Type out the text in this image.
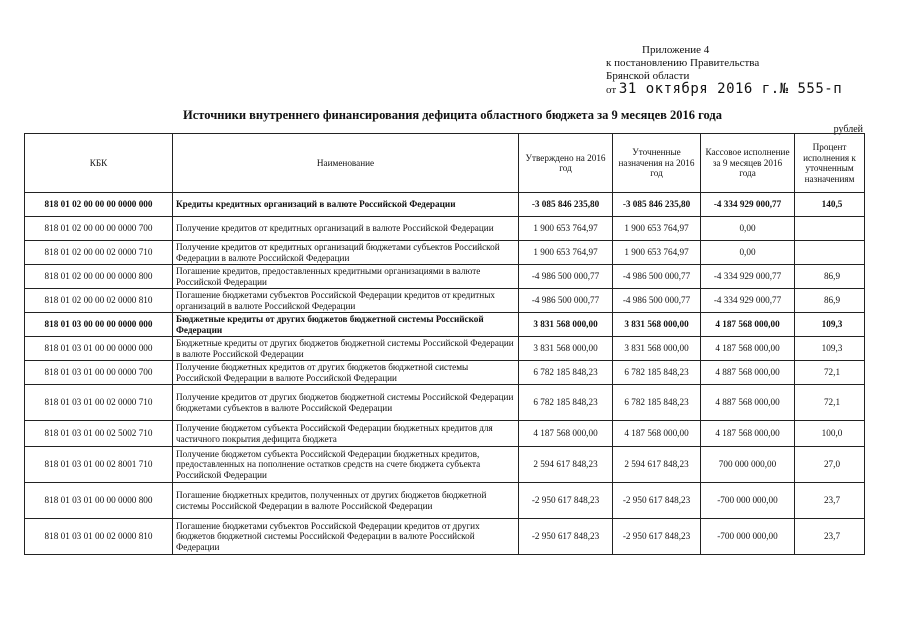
Приложение 4
к постановлению Правительства
Брянской области
от 31 октября 2016 г.№ 555-п
Источники внутреннего финансирования дефицита областного бюджета за 9 месяцев 2016 года
рублей
КБК	Наименование	Утверждено на 2016 год	Уточненные назначения на 2016 год	Кассовое исполнение за 9 месяцев 2016 года	Процент исполнения к уточненным назначениям
818 01 02 00 00 00 0000 000	Кредиты кредитных организаций в валюте Российской Федерации	-3 085 846 235,80	-3 085 846 235,80	-4 334 929 000,77	140,5
818 01 02 00 00 00 0000 700	Получение кредитов от кредитных организаций в валюте Российской Федерации	1 900 653 764,97	1 900 653 764,97	0,00	
818 01 02 00 00 02 0000 710	Получение кредитов от кредитных организаций бюджетами субъектов Российской Федерации в валюте Российской Федерации	1 900 653 764,97	1 900 653 764,97	0,00	
818 01 02 00 00 00 0000 800	Погашение кредитов, предоставленных кредитными организациями в валюте Российской Федерации	-4 986 500 000,77	-4 986 500 000,77	-4 334 929 000,77	86,9
818 01 02 00 00 02 0000 810	Погашение бюджетами субъектов Российской Федерации кредитов от кредитных организаций в валюте Российской Федерации	-4 986 500 000,77	-4 986 500 000,77	-4 334 929 000,77	86,9
818 01 03 00 00 00 0000 000	Бюджетные кредиты от других бюджетов бюджетной системы Российской Федерации	3 831 568 000,00	3 831 568 000,00	4 187 568 000,00	109,3
818 01 03 01 00 00 0000 000	Бюджетные кредиты от других бюджетов бюджетной системы Российской Федерации в валюте Российской Федерации	3 831 568 000,00	3 831 568 000,00	4 187 568 000,00	109,3
818 01 03 01 00 00 0000 700	Получение бюджетных кредитов от других бюджетов бюджетной системы Российской Федерации в валюте Российской Федерации	6 782 185 848,23	6 782 185 848,23	4 887 568 000,00	72,1
818 01 03 01 00 02 0000 710	Получение кредитов от других бюджетов бюджетной системы Российской Федерации бюджетами субъектов в валюте Российской Федерации	6 782 185 848,23	6 782 185 848,23	4 887 568 000,00	72,1
818 01 03 01 00 02 5002 710	Получение бюджетом субъекта Российской Федерации бюджетных кредитов для частичного покрытия дефицита бюджета	4 187 568 000,00	4 187 568 000,00	4 187 568 000,00	100,0
818 01 03 01 00 02 8001 710	Получение бюджетом субъекта Российской Федерации бюджетных кредитов, предоставленных на пополнение остатков средств на счете бюджета субъекта Российской Федерации	2 594 617 848,23	2 594 617 848,23	700 000 000,00	27,0
818 01 03 01 00 00 0000 800	Погашение бюджетных кредитов, полученных от других бюджетов бюджетной системы Российской Федерации в валюте Российской Федерации	-2 950 617 848,23	-2 950 617 848,23	-700 000 000,00	23,7
818 01 03 01 00 02 0000 810	Погашение бюджетами субъектов Российской Федерации кредитов от других бюджетов бюджетной системы Российской Федерации в валюте Российской Федерации	-2 950 617 848,23	-2 950 617 848,23	-700 000 000,00	23,7
